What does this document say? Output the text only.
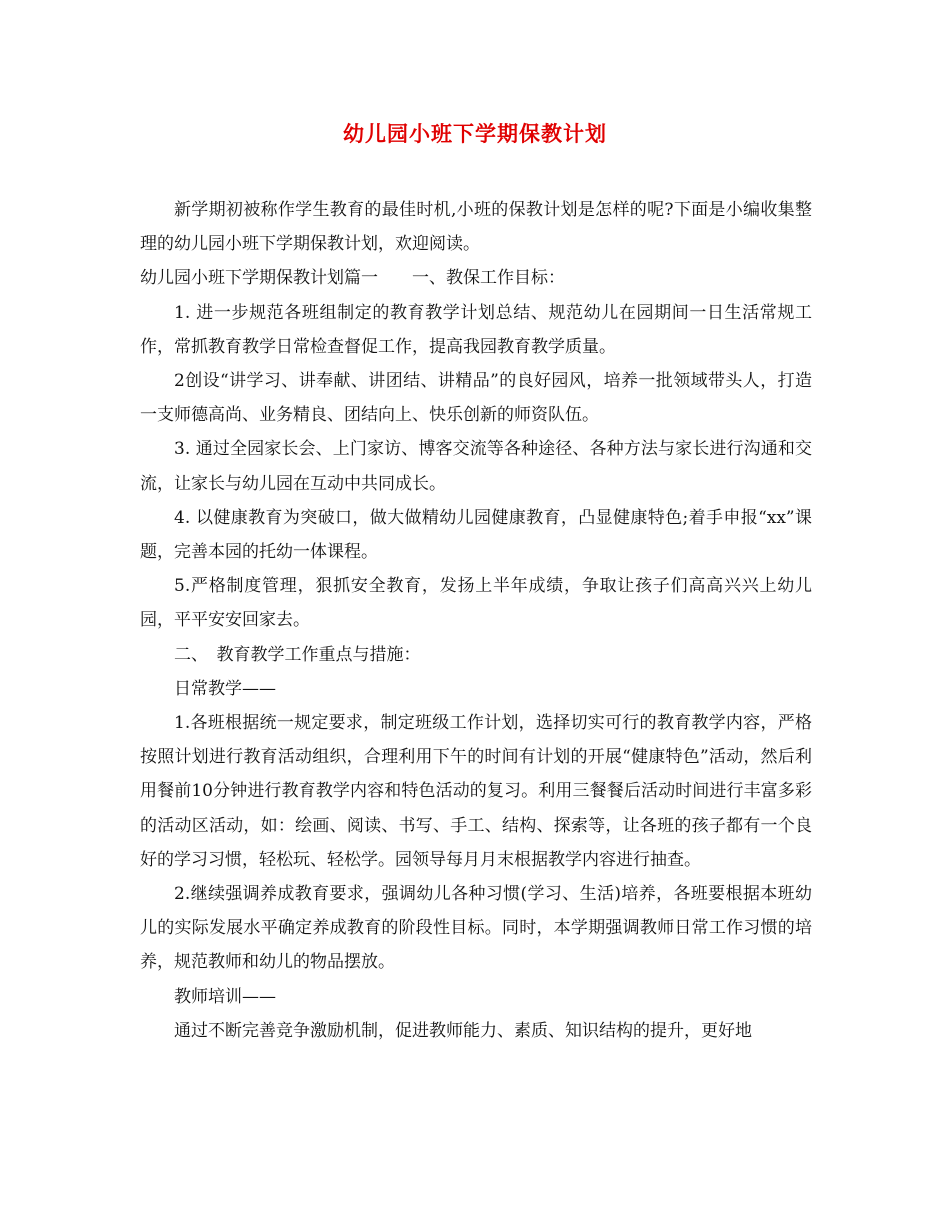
幼儿园小班下学期保教计划

新学期初被称作学生教育的最佳时机,小班的保教计划是怎样的呢?下面是小编收集整理的幼儿园小班下学期保教计划，欢迎阅读。

幼儿园小班下学期保教计划篇一　　一、教保工作目标：

1. 进一步规范各班组制定的教育教学计划总结、规范幼儿在园期间一日生活常规工作，常抓教育教学日常检查督促工作，提高我园教育教学质量。

2创设“讲学习、讲奉献、讲团结、讲精品”的良好园风，培养一批领域带头人，打造一支师德高尚、业务精良、团结向上、快乐创新的师资队伍。

3. 通过全园家长会、上门家访、博客交流等各种途径、各种方法与家长进行沟通和交流，让家长与幼儿园在互动中共同成长。

4. 以健康教育为突破口，做大做精幼儿园健康教育，凸显健康特色;着手申报“xx”课题，完善本园的托幼一体课程。

5.严格制度管理，狠抓安全教育，发扬上半年成绩，争取让孩子们高高兴兴上幼儿园，平平安安回家去。

二、　教育教学工作重点与措施：

日常教学——

1.各班根据统一规定要求，制定班级工作计划，选择切实可行的教育教学内容，严格按照计划进行教育活动组织，合理利用下午的时间有计划的开展“健康特色”活动，然后利用餐前10分钟进行教育教学内容和特色活动的复习。利用三餐餐后活动时间进行丰富多彩的活动区活动，如：绘画、阅读、书写、手工、结构、探索等，让各班的孩子都有一个良好的学习习惯，轻松玩、轻松学。园领导每月月末根据教学内容进行抽查。

2.继续强调养成教育要求，强调幼儿各种习惯(学习、生活)培养，各班要根据本班幼儿的实际发展水平确定养成教育的阶段性目标。同时，本学期强调教师日常工作习惯的培养，规范教师和幼儿的物品摆放。

教师培训——

通过不断完善竞争激励机制，促进教师能力、素质、知识结构的提升，更好地
